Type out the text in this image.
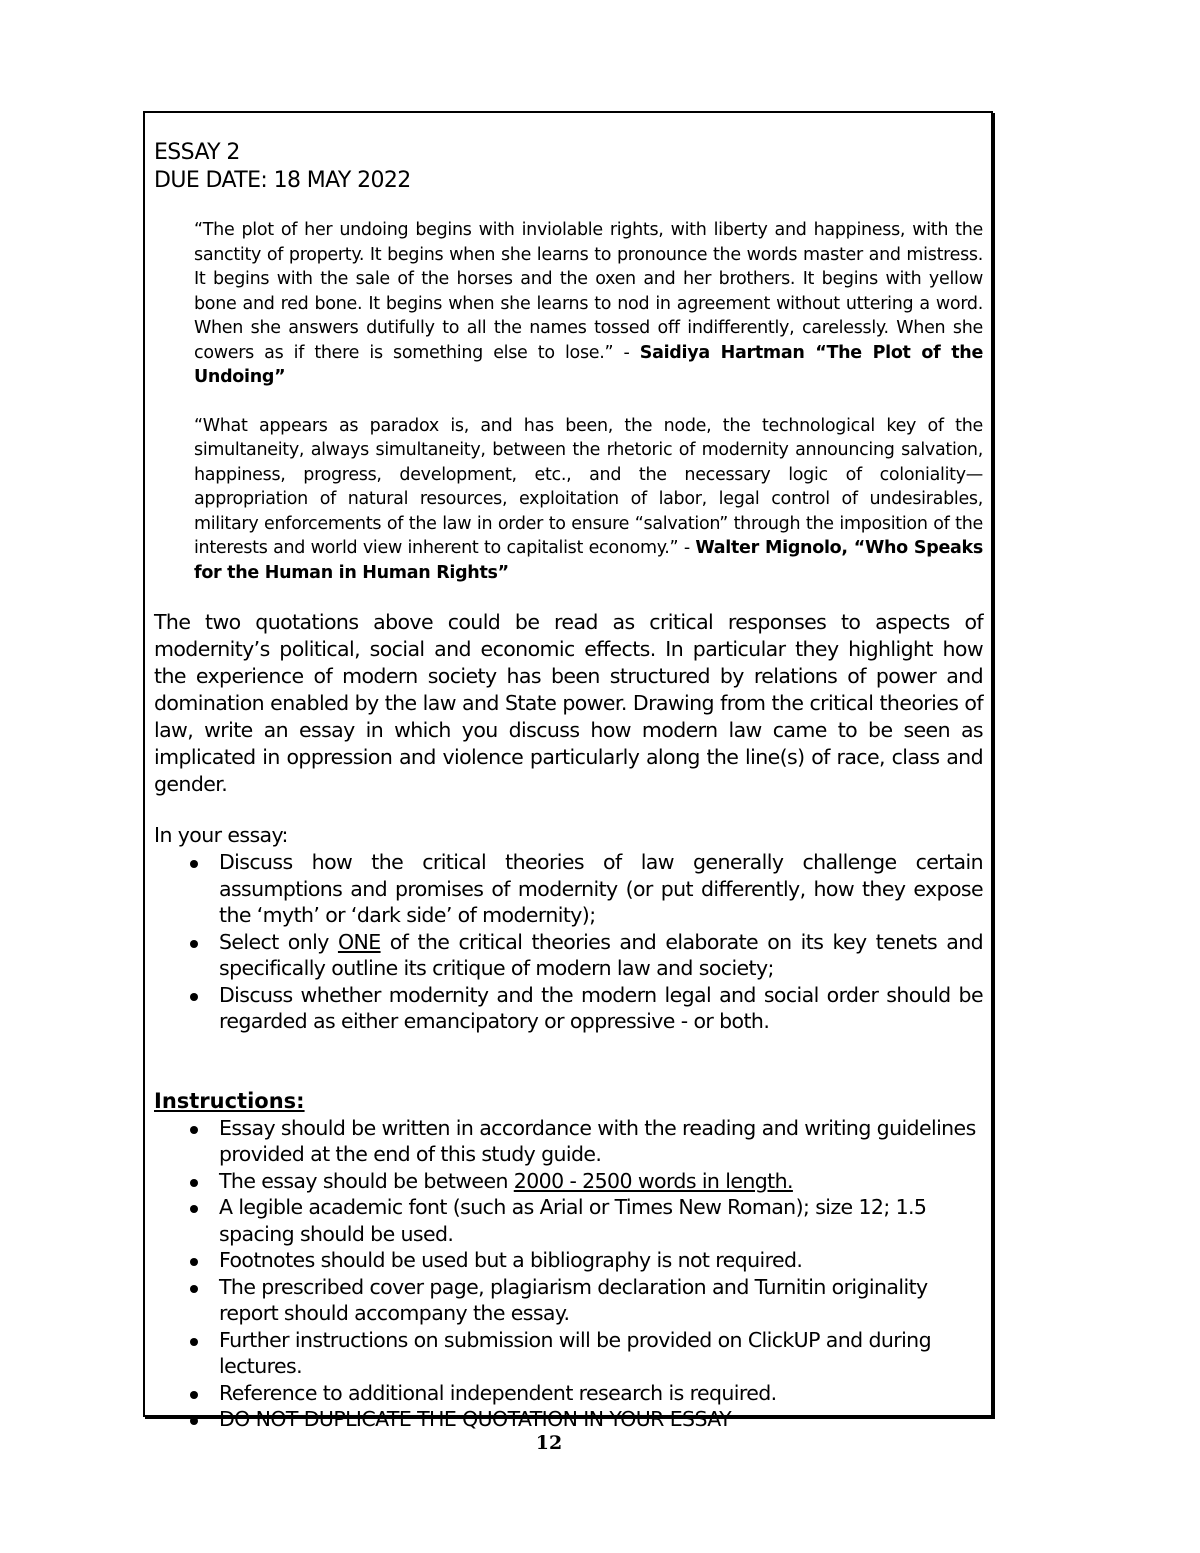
ESSAY 2

DUE DATE: 18 MAY 2022

“The plot of her undoing begins with inviolable rights, with liberty and happiness, with the sanctity of property. It begins when she learns to pronounce the words master and mistress. It begins with the sale of the horses and the oxen and her brothers. It begins with yellow bone and red bone. It begins when she learns to nod in agreement without uttering a word. When she answers dutifully to all the names tossed off indifferently, carelessly. When she cowers as if there is something else to lose.” - Saidiya Hartman “The Plot of the Undoing”

“What appears as paradox is, and has been, the node, the technological key of the simultaneity, always simultaneity, between the rhetoric of modernity announcing salvation, happiness, progress, development, etc., and the necessary logic of coloniality—appropriation of natural resources, exploitation of labor, legal control of undesirables, military enforcements of the law in order to ensure “salvation” through the imposition of the interests and world view inherent to capitalist economy.” - Walter Mignolo, “Who Speaks for the Human in Human Rights”

The two quotations above could be read as critical responses to aspects of modernity’s political, social and economic effects. In particular they highlight how the experience of modern society has been structured by relations of power and domination enabled by the law and State power. Drawing from the critical theories of law, write an essay in which you discuss how modern law came to be seen as implicated in oppression and violence particularly along the line(s) of race, class and gender.

In your essay:

Discuss how the critical theories of law generally challenge certain assumptions and promises of modernity (or put differently, how they expose the ‘myth’ or ‘dark side’ of modernity);
Select only ONE of the critical theories and elaborate on its key tenets and specifically outline its critique of modern law and society;
Discuss whether modernity and the modern legal and social order should be regarded as either emancipatory or oppressive - or both.

Instructions:

Essay should be written in accordance with the reading and writing guidelines provided at the end of this study guide.
The essay should be between 2000 - 2500 words in length.
A legible academic font (such as Arial or Times New Roman); size 12; 1.5 spacing should be used.
Footnotes should be used but a bibliography is not required.
The prescribed cover page, plagiarism declaration and Turnitin originality report should accompany the essay.
Further instructions on submission will be provided on ClickUP and during lectures.
Reference to additional independent research is required.
DO NOT DUPLICATE THE QUOTATION IN YOUR ESSAY
12
